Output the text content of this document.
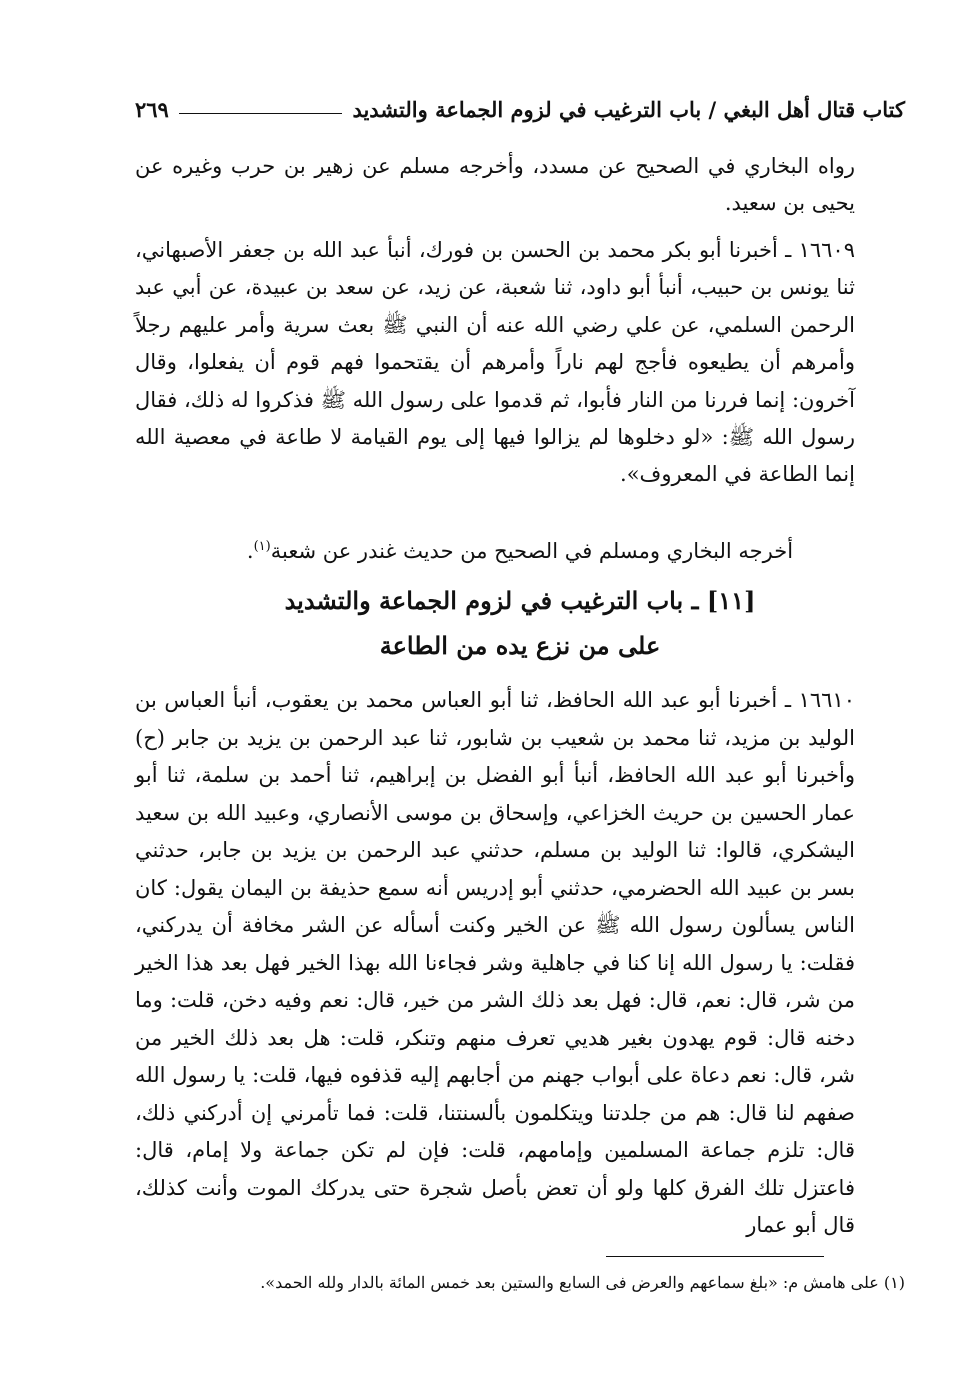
كتاب قتال أهل البغي / باب الترغيب في لزوم الجماعة والتشديد
٢٦٩

رواه البخاري في الصحيح عن مسدد، وأخرجه مسلم عن زهير بن حرب وغيره عن يحيى بن سعيد.

١٦٦٠٩ ـ أخبرنا أبو بكر محمد بن الحسن بن فورك، أنبأ عبد الله بن جعفر الأصبهاني، ثنا يونس بن حبيب، أنبأ أبو داود، ثنا شعبة، عن زيد، عن سعد بن عبيدة، عن أبي عبد الرحمن السلمي، عن علي رضي الله عنه أن النبي ﷺ بعث سرية وأمر عليهم رجلاً وأمرهم أن يطيعوه فأجج لهم ناراً وأمرهم أن يقتحموا فهم قوم أن يفعلوا، وقال آخرون: إنما فررنا من النار فأبوا، ثم قدموا على رسول الله ﷺ فذكروا له ذلك، فقال رسول الله ﷺ: «لو دخلوها لم يزالوا فيها إلى يوم القيامة لا طاعة في معصية الله إنما الطاعة في المعروف».

أخرجه البخاري ومسلم في الصحيح من حديث غندر عن شعبة$^{(١)}$.

[١١] ـ باب الترغيب في لزوم الجماعة والتشديد
على من نزع يده من الطاعة

١٦٦١٠ ـ أخبرنا أبو عبد الله الحافظ، ثنا أبو العباس محمد بن يعقوب، أنبأ العباس بن الوليد بن مزيد، ثنا محمد بن شعيب بن شابور، ثنا عبد الرحمن بن يزيد بن جابر (ح) وأخبرنا أبو عبد الله الحافظ، أنبأ أبو الفضل بن إبراهيم، ثنا أحمد بن سلمة، ثنا أبو عمار الحسين بن حريث الخزاعي، وإسحاق بن موسى الأنصاري، وعبيد الله بن سعيد اليشكري، قالوا: ثنا الوليد بن مسلم، حدثني عبد الرحمن بن يزيد بن جابر، حدثني بسر بن عبيد الله الحضرمي، حدثني أبو إدريس أنه سمع حذيفة بن اليمان يقول: كان الناس يسألون رسول الله ﷺ عن الخير وكنت أسأله عن الشر مخافة أن يدركني، فقلت: يا رسول الله إنا كنا في جاهلية وشر فجاءنا الله بهذا الخير فهل بعد هذا الخير من شر، قال: نعم، قال: فهل بعد ذلك الشر من خير، قال: نعم وفيه دخن، قلت: وما دخنه قال: قوم يهدون بغير هديي تعرف منهم وتنكر، قلت: هل بعد ذلك الخير من شر، قال: نعم دعاة على أبواب جهنم من أجابهم إليه قذفوه فيها، قلت: يا رسول الله صفهم لنا قال: هم من جلدتنا ويتكلمون بألسنتنا، قلت: فما تأمرني إن أدركني ذلك، قال: تلزم جماعة المسلمين وإمامهم، قلت: فإن لم تكن جماعة ولا إمام، قال: فاعتزل تلك الفرق كلها ولو أن تعض بأصل شجرة حتى يدركك الموت وأنت كذلك، قال أبو عمار

(١) على هامش م: «بلغ سماعهم والعرض فى السابع والستين بعد خمس المائة بالدار ولله الحمد».
